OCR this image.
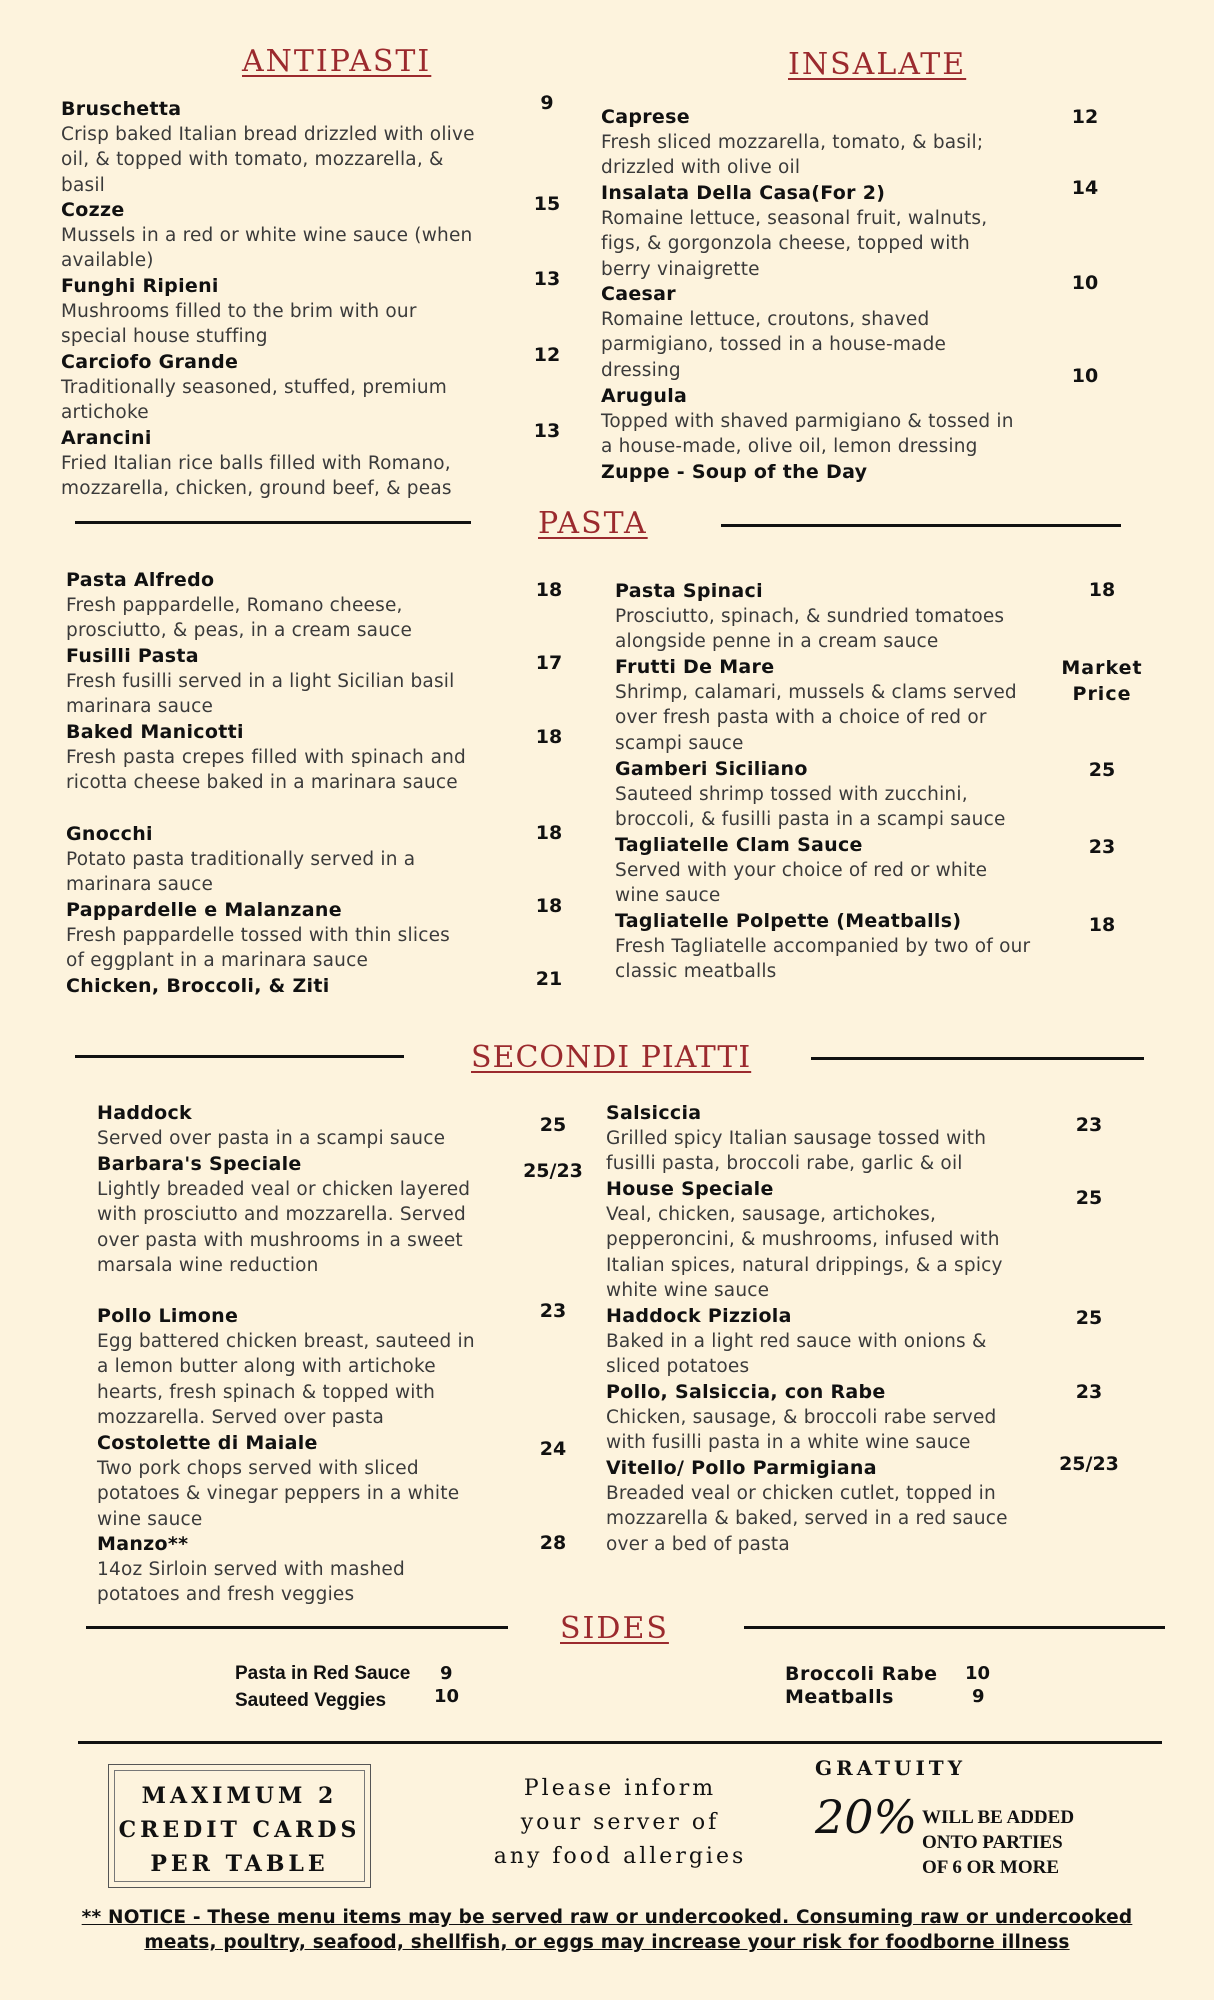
ANTIPASTI
Bruschetta
Crisp baked Italian bread drizzled with olive oil, & topped with tomato, mozzarella, & basil
9
Cozze
Mussels in a red or white wine sauce (when available)
15
Funghi Ripieni
Mushrooms filled to the brim with our special house stuffing
13
Carciofo Grande
Traditionally seasoned, stuffed, premium artichoke
12
Arancini
Fried Italian rice balls filled with Romano, mozzarella, chicken, ground beef, & peas
13
INSALATE
Caprese
Fresh sliced mozzarella, tomato, & basil; drizzled with olive oil
12
Insalata Della Casa(For 2)
Romaine lettuce, seasonal fruit, walnuts, figs, & gorgonzola cheese, topped with berry vinaigrette
14
Caesar
Romaine lettuce, croutons, shaved parmigiano, tossed in a house-made dressing
10
Arugula
Topped with shaved parmigiano & tossed in a house-made, olive oil, lemon dressing
10
Zuppe - Soup of the Day
PASTA
Pasta Alfredo
Fresh pappardelle, Romano cheese, prosciutto, & peas, in a cream sauce
18
Fusilli Pasta
Fresh fusilli served in a light Sicilian basil marinara sauce
17
Baked Manicotti
Fresh pasta crepes filled with spinach and ricotta cheese baked in a marinara sauce
18
Gnocchi
Potato pasta traditionally served in a marinara sauce
18
Pappardelle e Malanzane
Fresh pappardelle tossed with thin slices of eggplant in a marinara sauce
18
Chicken, Broccoli, & Ziti	21
Pasta Spinaci
Prosciutto, spinach, & sundried tomatoes alongside penne in a cream sauce
18
Frutti De Mare
Shrimp, calamari, mussels & clams served over fresh pasta with a choice of red or scampi sauce
Market Price
Gamberi Siciliano
Sauteed shrimp tossed with zucchini, broccoli, & fusilli pasta in a scampi sauce
25
Tagliatelle Clam Sauce
Served with your choice of red or white wine sauce
23
Tagliatelle Polpette (Meatballs)
Fresh Tagliatelle accompanied by two of our classic meatballs
18
SECONDI PIATTI
Haddock
Served over pasta in a scampi sauce
25
Barbara's Speciale
Lightly breaded veal or chicken layered with prosciutto and mozzarella. Served over pasta with mushrooms in a sweet marsala wine reduction
25/23
Pollo Limone
Egg battered chicken breast, sauteed in a lemon butter along with artichoke hearts, fresh spinach & topped with mozzarella. Served over pasta
23
Costolette di Maiale
Two pork chops served with sliced potatoes & vinegar peppers in a white wine sauce
24
Manzo**
14oz Sirloin served with mashed potatoes and fresh veggies
28
Salsiccia
Grilled spicy Italian sausage tossed with fusilli pasta, broccoli rabe, garlic & oil
23
House Speciale
Veal, chicken, sausage, artichokes, pepperoncini, & mushrooms, infused with Italian spices, natural drippings, & a spicy white wine sauce
25
Haddock Pizziola
Baked in a light red sauce with onions & sliced potatoes
25
Pollo, Salsiccia, con Rabe
Chicken, sausage, & broccoli rabe served with fusilli pasta in a white wine sauce
23
Vitello/ Pollo Parmigiana
Breaded veal or chicken cutlet, topped in mozzarella & baked, served in a red sauce over a bed of pasta
25/23
SIDES
Pasta in Red Sauce 9
Sauteed Veggies	10
Broccoli Rabe 10
Meatballs	9
MAXIMUM 2
CREDIT CARDS
PER TABLE
Please inform
your server of
any food allergies
GRATUITY
20% WILL BE ADDED
ONTO PARTIES
OF 6 OR MORE
** NOTICE - These menu items may be served raw or undercooked. Consuming raw or undercooked
meats, poultry, seafood, shellfish, or eggs may increase your risk for foodborne illness
